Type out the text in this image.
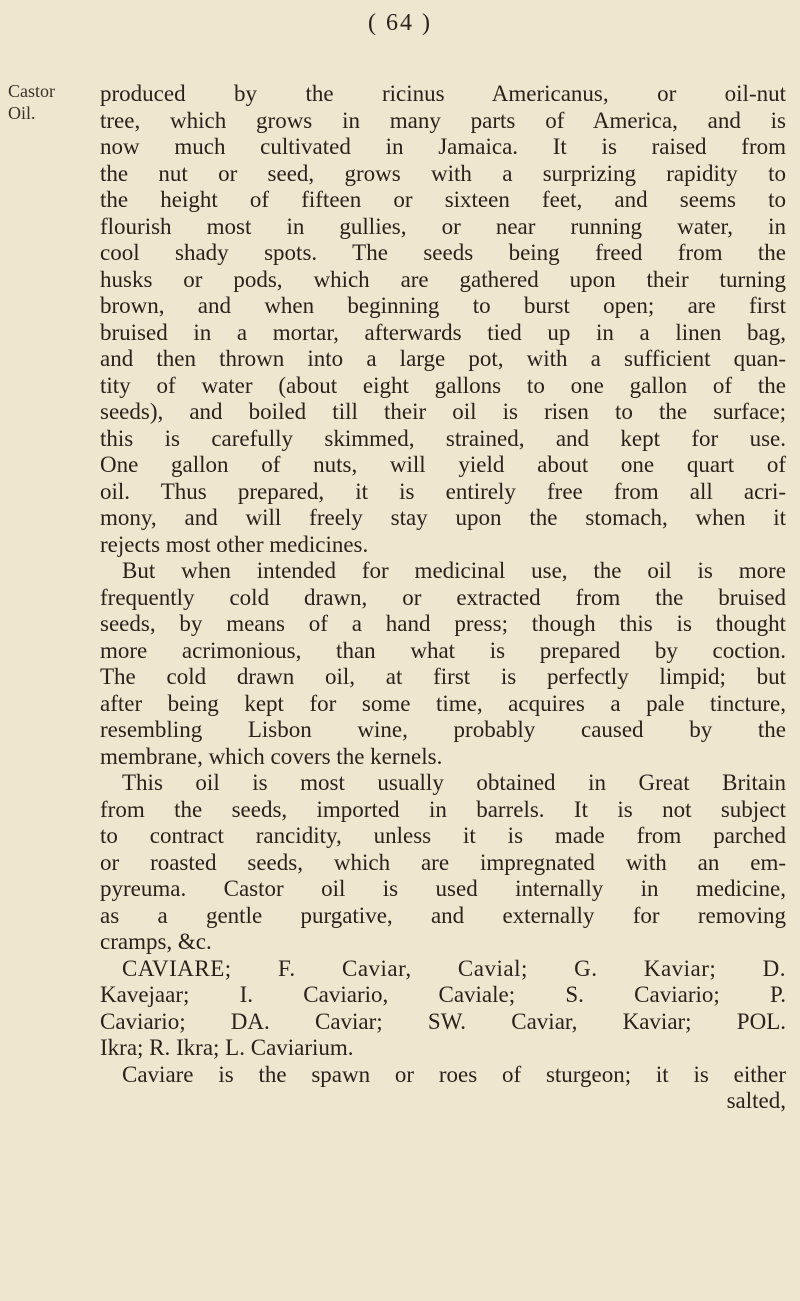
( 64 )
Castor
Oil.
produced by the ricinus Americanus, or oil-nut
tree, which grows in many parts of America, and is
now much cultivated in Jamaica. It is raised from
the nut or seed, grows with a surprizing rapidity to
the height of fifteen or sixteen feet, and seems to
flourish most in gullies, or near running water, in
cool shady spots. The seeds being freed from the
husks or pods, which are gathered upon their turning
brown, and when beginning to burst open; are first
bruised in a mortar, afterwards tied up in a linen bag,
and then thrown into a large pot, with a sufficient quan-
tity of water (about eight gallons to one gallon of the
seeds), and boiled till their oil is risen to the surface;
this is carefully skimmed, strained, and kept for use.
One gallon of nuts, will yield about one quart of
oil. Thus prepared, it is entirely free from all acri-
mony, and will freely stay upon the stomach, when it
rejects most other medicines.
But when intended for medicinal use, the oil is more
frequently cold drawn, or extracted from the bruised
seeds, by means of a hand press; though this is thought
more acrimonious, than what is prepared by coction.
The cold drawn oil, at first is perfectly limpid; but
after being kept for some time, acquires a pale tincture,
resembling Lisbon wine, probably caused by the
membrane, which covers the kernels.
This oil is most usually obtained in Great Britain
from the seeds, imported in barrels. It is not subject
to contract rancidity, unless it is made from parched
or roasted seeds, which are impregnated with an em-
pyreuma. Castor oil is used internally in medicine,
as a gentle purgative, and externally for removing
cramps, &c.
CAVIARE; F. Caviar, Cavial; G. Kaviar; D.
Kavejaar; I. Caviario, Caviale; S. Caviario; P.
Caviario; DA. Caviar; SW. Caviar, Kaviar; POL.
Ikra; R. Ikra; L. Caviarium.
Caviare is the spawn or roes of sturgeon; it is either
salted,
